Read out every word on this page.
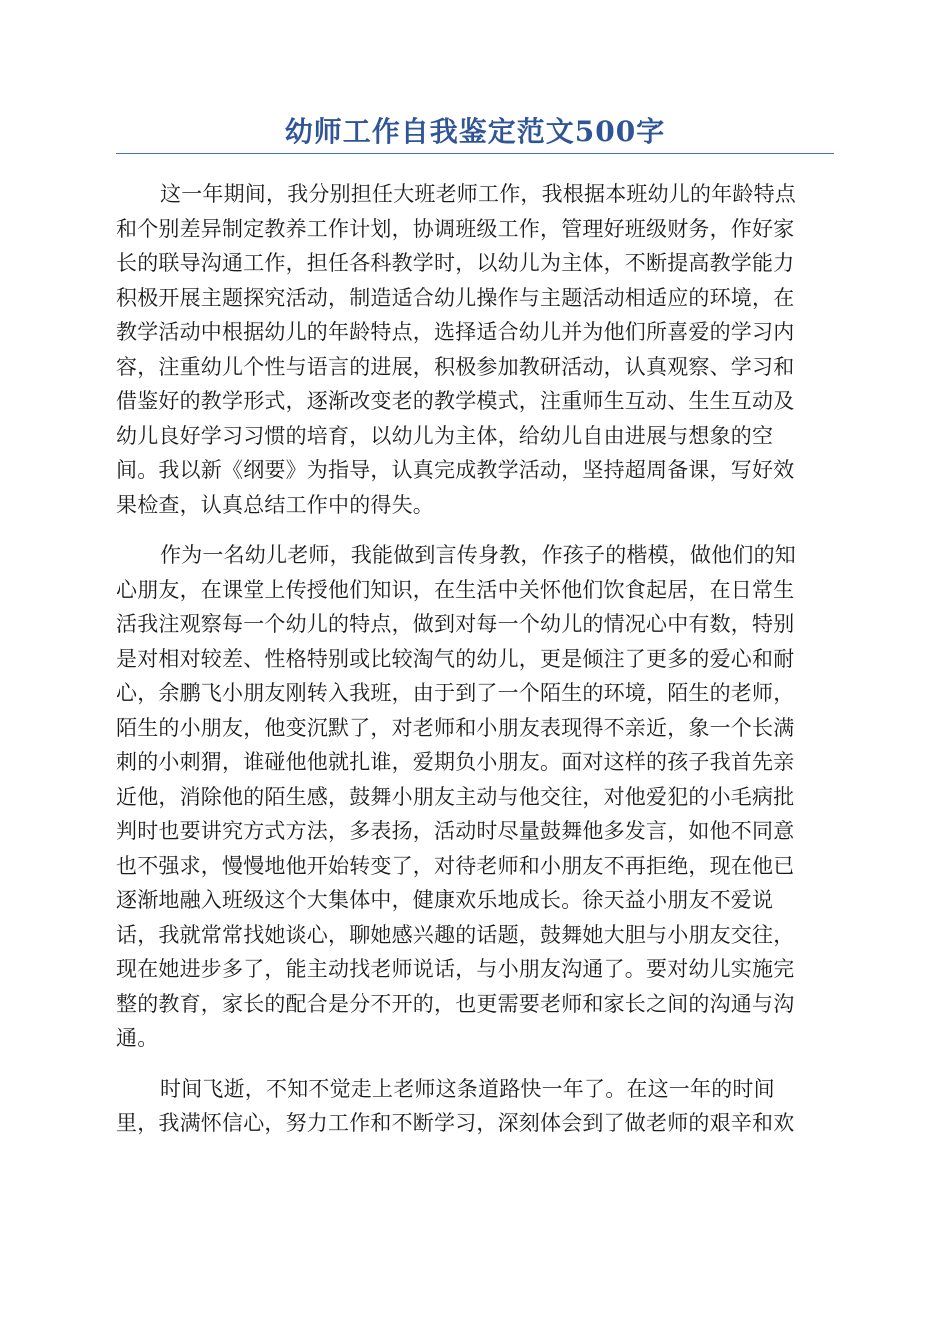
幼师工作自我鉴定范文500字
这一年期间，我分别担任大班老师工作，我根据本班幼儿的年龄特点
和个别差异制定教养工作计划，协调班级工作，管理好班级财务，作好家
长的联导沟通工作，担任各科教学时，以幼儿为主体，不断提高教学能力
积极开展主题探究活动，制造适合幼儿操作与主题活动相适应的环境，在
教学活动中根据幼儿的年龄特点，选择适合幼儿并为他们所喜爱的学习内
容，注重幼儿个性与语言的进展，积极参加教研活动，认真观察、学习和
借鉴好的教学形式，逐渐改变老的教学模式，注重师生互动、生生互动及
幼儿良好学习习惯的培育，以幼儿为主体，给幼儿自由进展与想象的空
间。我以新《纲要》为指导，认真完成教学活动，坚持超周备课，写好效
果检查，认真总结工作中的得失。
作为一名幼儿老师，我能做到言传身教，作孩子的楷模，做他们的知
心朋友，在课堂上传授他们知识，在生活中关怀他们饮食起居，在日常生
活我注观察每一个幼儿的特点，做到对每一个幼儿的情况心中有数，特别
是对相对较差、性格特别或比较淘气的幼儿，更是倾注了更多的爱心和耐
心，余鹏飞小朋友刚转入我班，由于到了一个陌生的环境，陌生的老师，
陌生的小朋友，他变沉默了，对老师和小朋友表现得不亲近，象一个长满
刺的小刺猬，谁碰他他就扎谁，爱期负小朋友。面对这样的孩子我首先亲
近他，消除他的陌生感，鼓舞小朋友主动与他交往，对他爱犯的小毛病批
判时也要讲究方式方法，多表扬，活动时尽量鼓舞他多发言，如他不同意
也不强求，慢慢地他开始转变了，对待老师和小朋友不再拒绝，现在他已
逐渐地融入班级这个大集体中，健康欢乐地成长。徐天益小朋友不爱说
话，我就常常找她谈心，聊她感兴趣的话题，鼓舞她大胆与小朋友交往，
现在她进步多了，能主动找老师说话，与小朋友沟通了。要对幼儿实施完
整的教育，家长的配合是分不开的，也更需要老师和家长之间的沟通与沟
通。
时间飞逝，不知不觉走上老师这条道路快一年了。在这一年的时间
里，我满怀信心，努力工作和不断学习，深刻体会到了做老师的艰辛和欢
